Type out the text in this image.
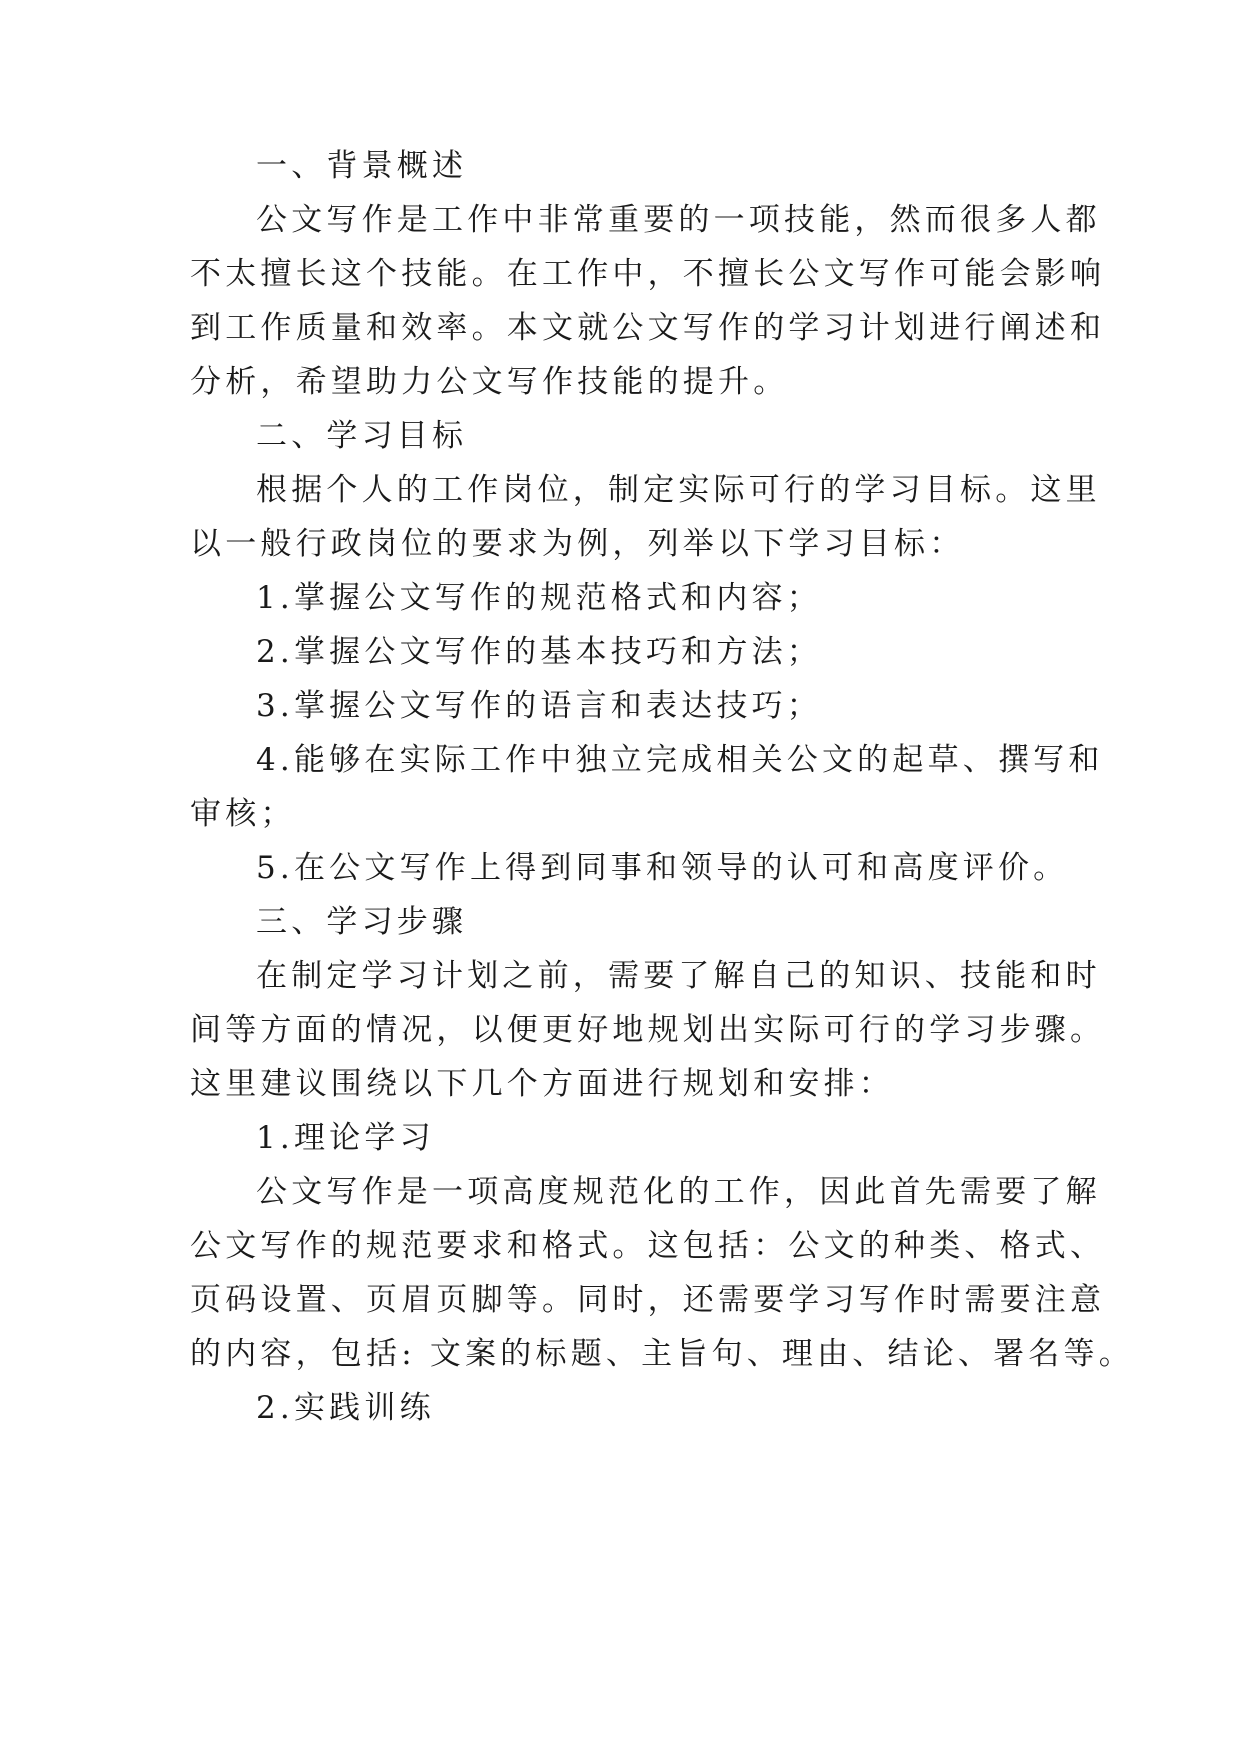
一、背景概述
公文写作是工作中非常重要的一项技能，然而很多人都
不太擅长这个技能。在工作中，不擅长公文写作可能会影响
到工作质量和效率。本文就公文写作的学习计划进行阐述和
分析，希望助力公文写作技能的提升。
二、学习目标
根据个人的工作岗位，制定实际可行的学习目标。这里
以一般行政岗位的要求为例，列举以下学习目标：
1.掌握公文写作的规范格式和内容；
2.掌握公文写作的基本技巧和方法；
3.掌握公文写作的语言和表达技巧；
4.能够在实际工作中独立完成相关公文的起草、撰写和
审核；
5.在公文写作上得到同事和领导的认可和高度评价。
三、学习步骤
在制定学习计划之前，需要了解自己的知识、技能和时
间等方面的情况，以便更好地规划出实际可行的学习步骤。
这里建议围绕以下几个方面进行规划和安排：
1.理论学习
公文写作是一项高度规范化的工作，因此首先需要了解
公文写作的规范要求和格式。这包括：公文的种类、格式、
页码设置、页眉页脚等。同时，还需要学习写作时需要注意
的内容，包括: 文案的标题、主旨句、理由、结论、署名等。
2.实践训练
